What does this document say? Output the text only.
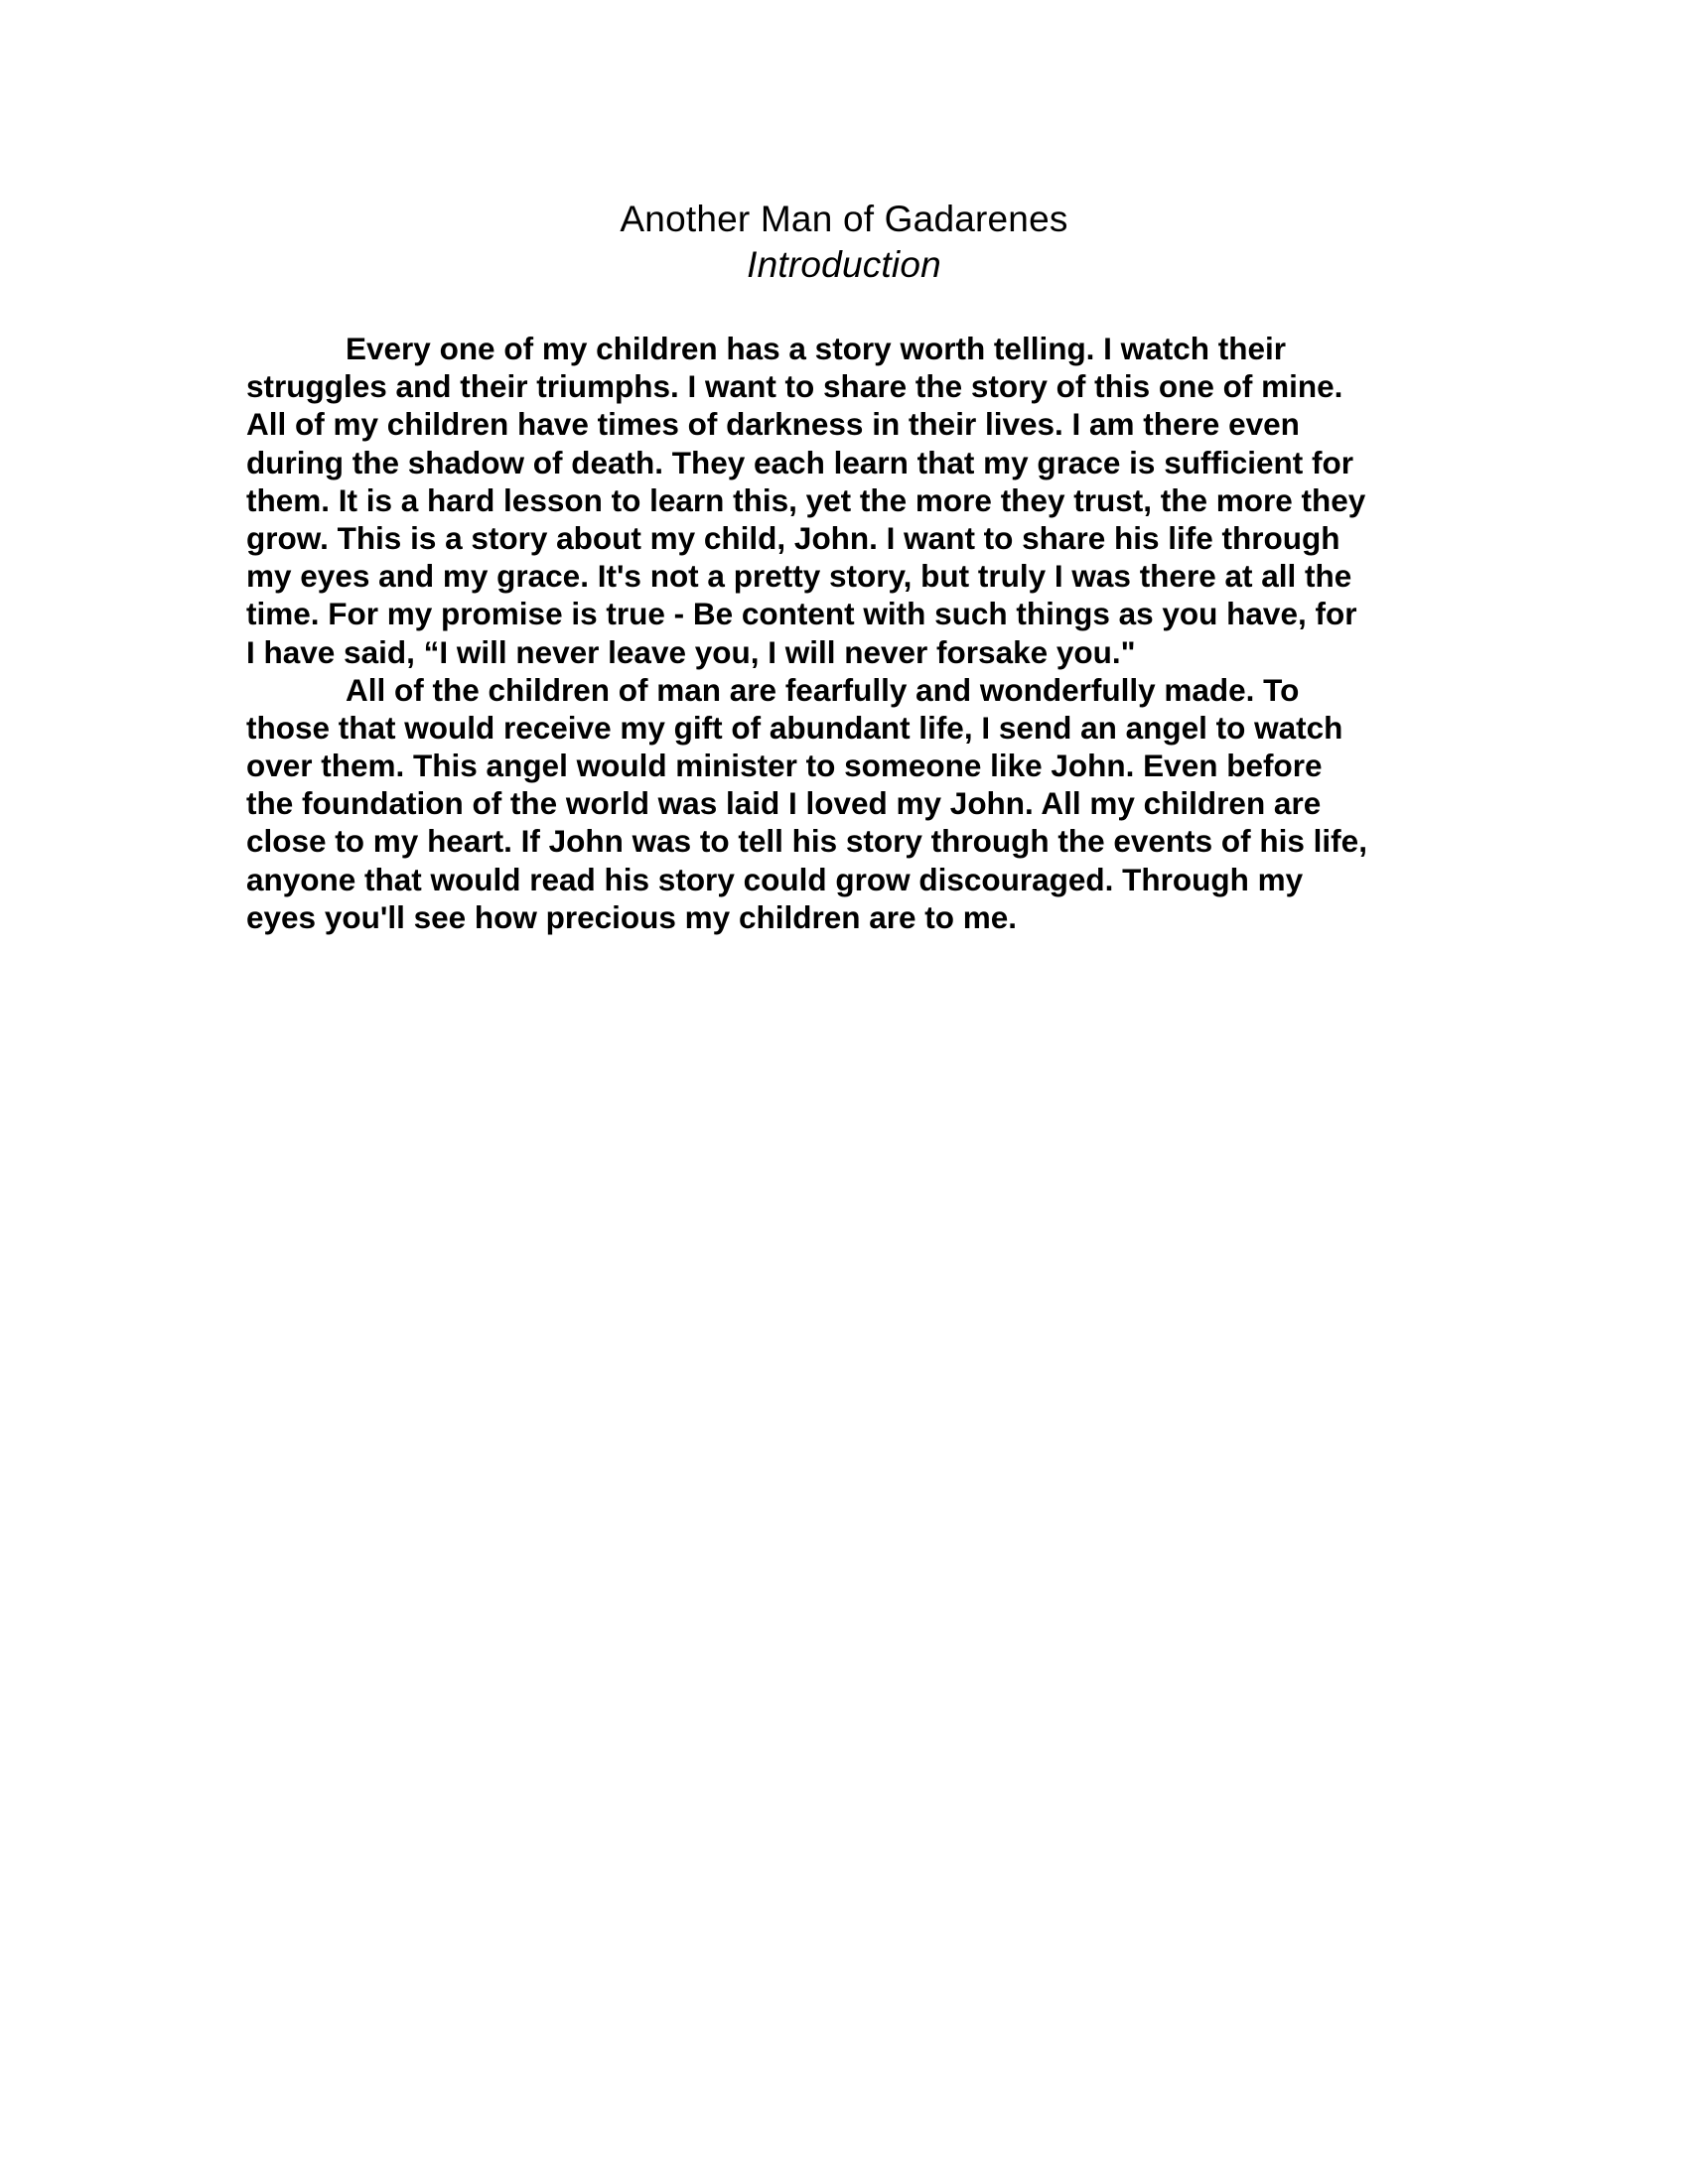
Another Man of Gadarenes
Introduction
Every one of my children has a story worth telling. I watch their
struggles and their triumphs. I want to share the story of this one of mine.
All of my children have times of darkness in their lives. I am there even
during the shadow of death. They each learn that my grace is sufficient for
them. It is a hard lesson to learn this, yet the more they trust, the more they
grow. This is a story about my child, John. I want to share his life through
my eyes and my grace. It's not a pretty story, but truly I was there at all the
time. For my promise is true - Be content with such things as you have, for
I have said, “I will never leave you, I will never forsake you."
All of the children of man are fearfully and wonderfully made. To
those that would receive my gift of abundant life, I send an angel to watch
over them. This angel would minister to someone like John. Even before
the foundation of the world was laid I loved my John. All my children are
close to my heart. If John was to tell his story through the events of his life,
anyone that would read his story could grow discouraged. Through my
eyes you'll see how precious my children are to me.
